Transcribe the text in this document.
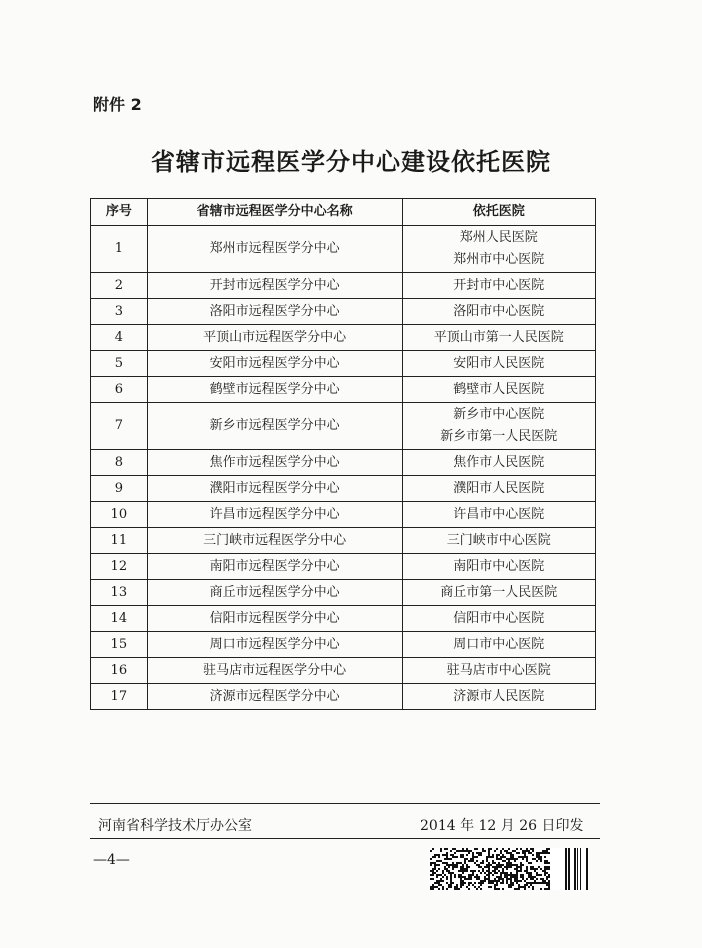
附件 2
省辖市远程医学分中心建设依托医院
序号	省辖市远程医学分中心名称	依托医院
1	郑州市远程医学分中心	郑州人民医院
郑州市中心医院

2	开封市远程医学分中心	开封市中心医院

3	洛阳市远程医学分中心	洛阳市中心医院

4	平顶山市远程医学分中心	平顶山市第一人民医院

5	安阳市远程医学分中心	安阳市人民医院

6	鹤壁市远程医学分中心	鹤壁市人民医院

7	新乡市远程医学分中心	新乡市中心医院
新乡市第一人民医院

8	焦作市远程医学分中心	焦作市人民医院

9	濮阳市远程医学分中心	濮阳市人民医院

10	许昌市远程医学分中心	许昌市中心医院

11	三门峡市远程医学分中心	三门峡市中心医院

12	南阳市远程医学分中心	南阳市中心医院

13	商丘市远程医学分中心	商丘市第一人民医院

14	信阳市远程医学分中心	信阳市中心医院

15	周口市远程医学分中心	周口市中心医院

16	驻马店市远程医学分中心	驻马店市中心医院

17	济源市远程医学分中心	济源市人民医院
河南省科学技术厅办公室	2014 年 12 月 26 日印发
—4—
